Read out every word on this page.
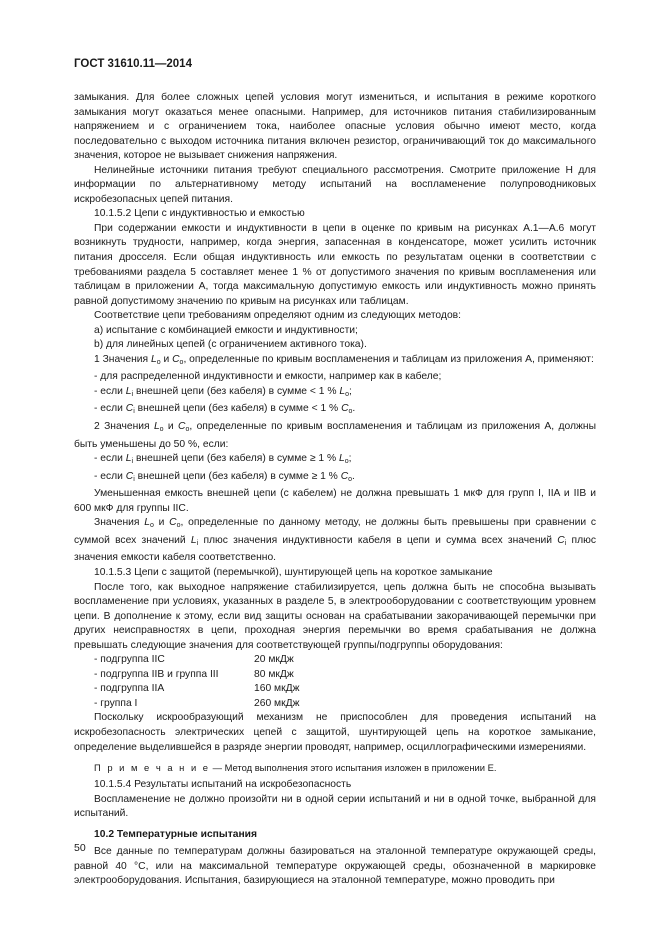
ГОСТ 31610.11—2014

замыкания. Для более сложных цепей условия могут измениться, и испытания в режиме короткого замыкания могут оказаться менее опасными. Например, для источников питания стабилизированным напряжением и с ограничением тока, наиболее опасные условия обычно имеют место, когда последовательно с выходом источника питания включен резистор, ограничивающий ток до максимального значения, которое не вызывает снижения напряжения.

Нелинейные источники питания требуют специального рассмотрения. Смотрите приложение Н для информации по альтернативному методу испытаний на воспламенение полупроводниковых искробезопасных цепей питания.

10.1.5.2 Цепи с индуктивностью и емкостью

При содержании емкости и индуктивности в цепи в оценке по кривым на рисунках А.1—А.6 могут возникнуть трудности, например, когда энергия, запасенная в конденсаторе, может усилить источник питания дросселя. Если общая индуктивность или емкость по результатам оценки в соответствии с требованиями раздела 5 составляет менее 1 % от допустимого значения по кривым воспламенения или таблицам в приложении А, тогда максимальную допустимую емкость или индуктивность можно принять равной допустимому значению по кривым на рисунках или таблицам.

Соответствие цепи требованиям определяют одним из следующих методов:

а) испытание с комбинацией емкости и индуктивности;

b) для линейных цепей (с ограничением активного тока).

1 Значения $L_o$ и $C_o$, определенные по кривым воспламенения и таблицам из приложения А, применяют:

- для распределенной индуктивности и емкости, например как в кабеле;

- если $L_i$ внешней цепи (без кабеля) в сумме < 1 % $L_o$;

- если $C_i$ внешней цепи (без кабеля) в сумме < 1 % $C_o$.

2 Значения $L_o$ и $C_o$, определенные по кривым воспламенения и таблицам из приложения А, должны быть уменьшены до 50 %, если:

- если $L_i$ внешней цепи (без кабеля) в сумме ≥ 1 % $L_o$;

- если $C_i$ внешней цепи (без кабеля) в сумме ≥ 1 % $C_o$.

Уменьшенная емкость внешней цепи (с кабелем) не должна превышать 1 мкФ для групп I, IIA и IIB и 600 мкФ для группы IIC.

Значения $L_o$ и $C_o$, определенные по данному методу, не должны быть превышены при сравнении с суммой всех значений $L_i$ плюс значения индуктивности кабеля в цепи и сумма всех значений $C_i$ плюс значения емкости кабеля соответственно.

10.1.5.3 Цепи с защитой (перемычкой), шунтирующей цепь на короткое замыкание

После того, как выходное напряжение стабилизируется, цепь должна быть не способна вызывать воспламенение при условиях, указанных в разделе 5, в электрооборудовании с соответствующим уровнем цепи. В дополнение к этому, если вид защиты основан на срабатывании закорачивающей перемычки при других неисправностях в цепи, проходная энергия перемычки во время срабатывания не должна превышать следующие значения для соответствующей группы/подгруппы оборудования:

- подгруппа IIC	20 мкДж
- подгруппа IIB и группа III	80 мкДж
- подгруппа IIA	160 мкДж
- группа I	260 мкДж

Поскольку искрообразующий механизм не приспособлен для проведения испытаний на искробезопасность электрических цепей с защитой, шунтирующей цепь на короткое замыкание, определение выделившейся в разряде энергии проводят, например, осциллографическими измерениями.

П р и м е ч а н и е — Метод выполнения этого испытания изложен в приложении Е.

10.1.5.4 Результаты испытаний на искробезопасность

Воспламенение не должно произойти ни в одной серии испытаний и ни в одной точке, выбранной для испытаний.

10.2 Температурные испытания

Все данные по температурам должны базироваться на эталонной температуре окружающей среды, равной 40 °С, или на максимальной температуре окружающей среды, обозначенной в маркировке электрооборудования. Испытания, базирующиеся на эталонной температуре, можно проводить при

50
